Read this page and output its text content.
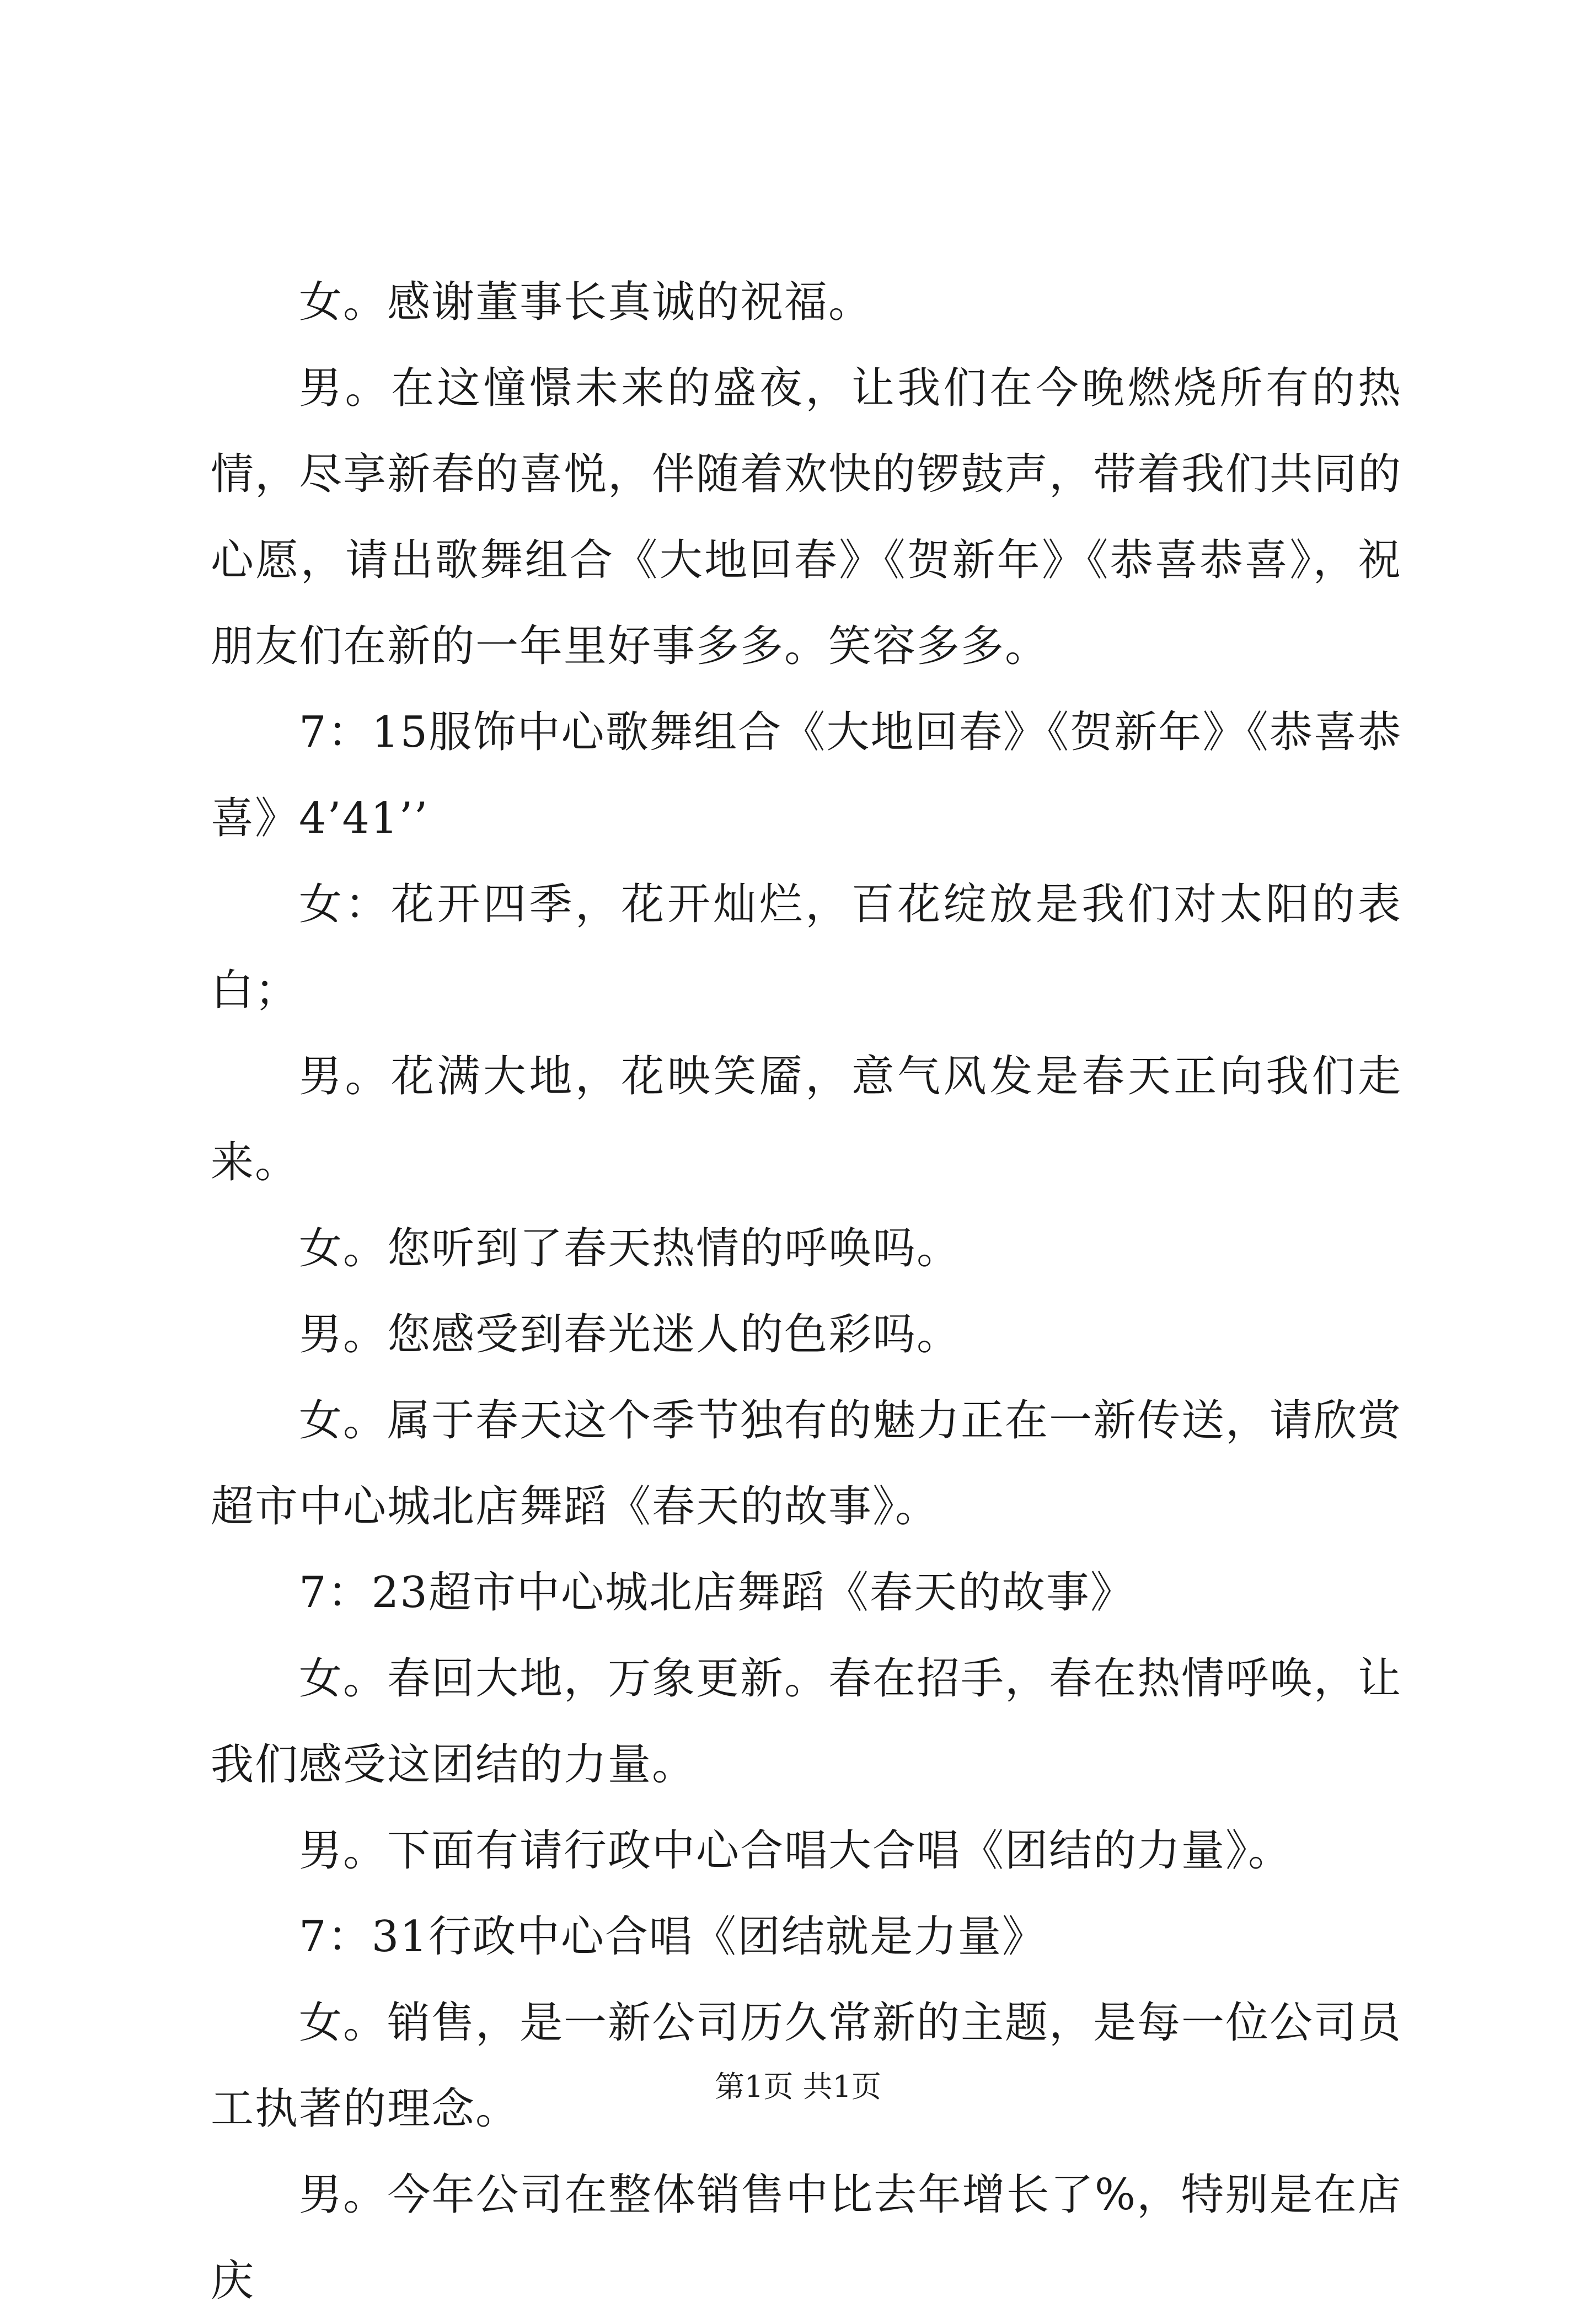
女。感谢董事长真诚的祝福。

男。在这憧憬未来的盛夜，让我们在今晚燃烧所有的热情，尽享新春的喜悦，伴随着欢快的锣鼓声，带着我们共同的心愿，请出歌舞组合《大地回春》《贺新年》《恭喜恭喜》，祝朋友们在新的一年里好事多多。笑容多多。

7：15服饰中心歌舞组合《大地回春》《贺新年》《恭喜恭喜》4’41’’

女：花开四季，花开灿烂，百花绽放是我们对太阳的表白；

男。花满大地，花映笑靥，意气风发是春天正向我们走来。

女。您听到了春天热情的呼唤吗。

男。您感受到春光迷人的色彩吗。

女。属于春天这个季节独有的魅力正在一新传送，请欣赏超市中心城北店舞蹈《春天的故事》。

7：23超市中心城北店舞蹈《春天的故事》

女。春回大地，万象更新。春在招手，春在热情呼唤，让我们感受这团结的力量。

男。下面有请行政中心合唱大合唱《团结的力量》。

7：31行政中心合唱《团结就是力量》

女。销售，是一新公司历久常新的主题，是每一位公司员工执著的理念。

男。今年公司在整体销售中比去年增长了%，特别是在店庆

第1页 共1页
